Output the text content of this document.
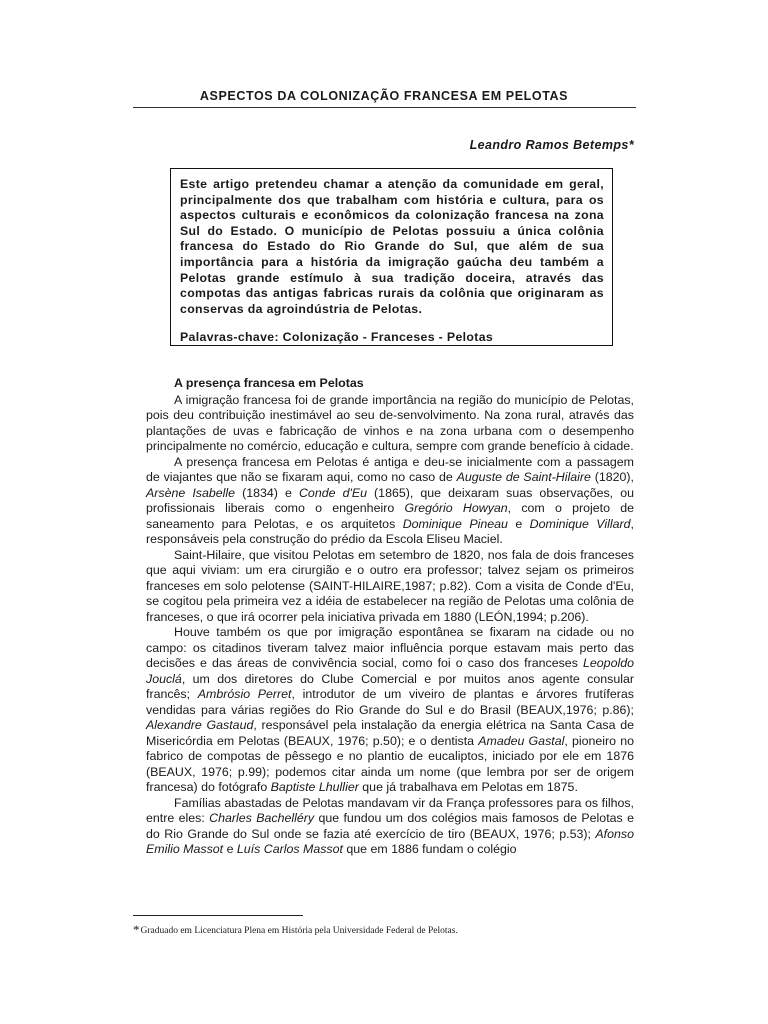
ASPECTOS DA COLONIZAÇÃO FRANCESA EM PELOTAS
Leandro Ramos Betemps*
Este artigo pretendeu chamar a atenção da comunidade em geral, principalmente dos que trabalham com história e cultura, para os aspectos culturais e econômicos da colonização francesa na zona Sul do Estado. O município de Pelotas possuiu a única colônia francesa do Estado do Rio Grande do Sul, que além de sua importância para a história da imigração gaúcha deu também a Pelotas grande estímulo à sua tradição doceira, através das compotas das antigas fabricas rurais da colônia que originaram as conservas da agroindústria de Pelotas.
Palavras-chave: Colonização - Franceses - Pelotas
A presença francesa em Pelotas

A imigração francesa foi de grande importância na região do município de Pelotas, pois deu contribuição inestimável ao seu de-senvolvimento. Na zona rural, através das plantações de uvas e fabricação de vinhos e na zona urbana com o desempenho principalmente no comércio, educação e cultura, sempre com grande benefício à cidade.

A presença francesa em Pelotas é antiga e deu-se inicialmente com a passagem de viajantes que não se fixaram aqui, como no caso de Auguste de Saint-Hilaire (1820), Arsène Isabelle (1834) e Conde d'Eu (1865), que deixaram suas observações, ou profissionais liberais como o engenheiro Gregório Howyan, com o projeto de saneamento para Pelotas, e os arquitetos Dominique Pineau e Dominique Villard, responsáveis pela construção do prédio da Escola Eliseu Maciel.

Saint-Hilaire, que visitou Pelotas em setembro de 1820, nos fala de dois franceses que aqui viviam: um era cirurgião e o outro era professor; talvez sejam os primeiros franceses em solo pelotense (SAINT-HILAIRE,1987; p.82). Com a visita de Conde d'Eu, se cogitou pela primeira vez a idéia de estabelecer na região de Pelotas uma colônia de franceses, o que irá ocorrer pela iniciativa privada em 1880 (LEÓN,1994; p.206).

Houve também os que por imigração espontânea se fixaram na cidade ou no campo: os citadinos tiveram talvez maior influência porque estavam mais perto das decisões e das áreas de convivência social, como foi o caso dos franceses Leopoldo Jouclá, um dos diretores do Clube Comercial e por muitos anos agente consular francês; Ambrósio Perret, introdutor de um viveiro de plantas e árvores frutíferas vendidas para várias regiões do Rio Grande do Sul e do Brasil (BEAUX,1976; p.86); Alexandre Gastaud, responsável pela instalação da energia elétrica na Santa Casa de Misericórdia em Pelotas (BEAUX, 1976; p.50); e o dentista Amadeu Gastal, pioneiro no fabrico de compotas de pêssego e no plantio de eucaliptos, iniciado por ele em 1876 (BEAUX, 1976; p.99); podemos citar ainda um nome (que lembra por ser de origem francesa) do fotógrafo Baptiste Lhullier que já trabalhava em Pelotas em 1875.

Famílias abastadas de Pelotas mandavam vir da França professores para os filhos, entre eles: Charles Bachelléry que fundou um dos colégios mais famosos de Pelotas e do Rio Grande do Sul onde se fazia até exercício de tiro (BEAUX, 1976; p.53); Afonso Emilio Massot e Luís Carlos Massot que em 1886 fundam o colégio

*Graduado em Licenciatura Plena em História pela Universidade Federal de Pelotas.
